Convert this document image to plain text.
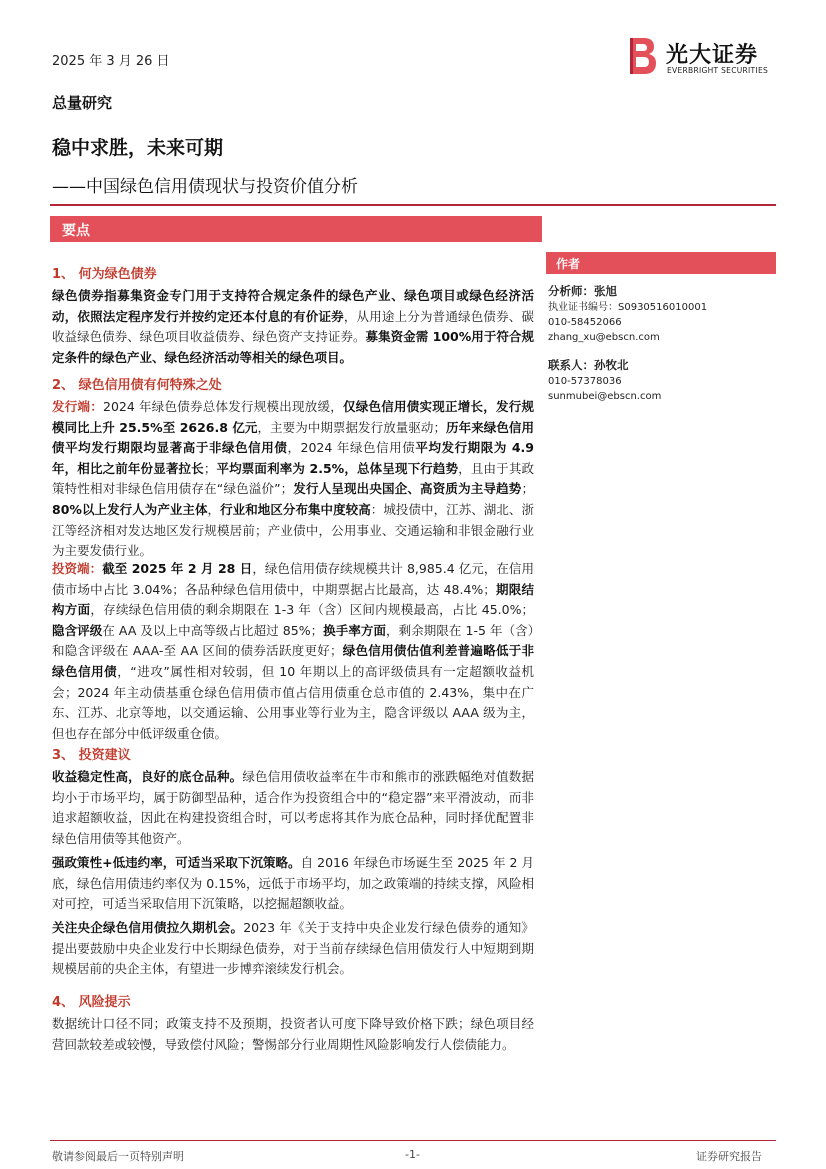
2025 年 3 月 26 日	光大证券
EVERBRIGHT SECURITIES
总量研究
稳中求胜，未来可期
——中国绿色信用债现状与投资价值分析
要点
1、 何为绿色债券
绿色债券指募集资金专门用于支持符合规定条件的绿色产业、绿色项目或绿色经济活动，依照法定程序发行并按约定还本付息的有价证券，从用途上分为普通绿色债券、碳收益绿色债券、绿色项目收益债券、绿色资产支持证券。募集资金需 100%用于符合规定条件的绿色产业、绿色经济活动等相关的绿色项目。
2、 绿色信用债有何特殊之处
发行端：2024 年绿色债券总体发行规模出现放缓，仅绿色信用债实现正增长，发行规模同比上升 25.5%至 2626.8 亿元，主要为中期票据发行放量驱动；历年来绿色信用债平均发行期限均显著高于非绿色信用债，2024 年绿色信用债平均发行期限为 4.9 年，相比之前年份显著拉长；平均票面利率为 2.5%，总体呈现下行趋势，且由于其政策特性相对非绿色信用债存在“绿色溢价”；发行人呈现出央国企、高资质为主导趋势；80%以上发行人为产业主体，行业和地区分布集中度较高：城投债中，江苏、湖北、浙江等经济相对发达地区发行规模居前；产业债中，公用事业、交通运输和非银金融行业为主要发债行业。
投资端：截至 2025 年 2 月 28 日，绿色信用债存续规模共计 8,985.4 亿元，在信用债市场中占比 3.04%；各品种绿色信用债中，中期票据占比最高，达 48.4%；期限结构方面，存续绿色信用债的剩余期限在 1-3 年（含）区间内规模最高，占比 45.0%；隐含评级在 AA 及以上中高等级占比超过 85%；换手率方面，剩余期限在 1-5 年（含）和隐含评级在 AAA-至 AA 区间的债券活跃度更好；绿色信用债估值利差普遍略低于非绿色信用债，“进攻”属性相对较弱，但 10 年期以上的高评级债具有一定超额收益机会；2024 年主动债基重仓绿色信用债市值占信用债重仓总市值的 2.43%，集中在广东、江苏、北京等地，以交通运输、公用事业等行业为主，隐含评级以 AAA 级为主，但也存在部分中低评级重仓债。
3、 投资建议
收益稳定性高，良好的底仓品种。绿色信用债收益率在牛市和熊市的涨跌幅绝对值数据均小于市场平均，属于防御型品种，适合作为投资组合中的“稳定器”来平滑波动，而非追求超额收益，因此在构建投资组合时，可以考虑将其作为底仓品种，同时择优配置非绿色信用债等其他资产。
强政策性+低违约率，可适当采取下沉策略。自 2016 年绿色市场诞生至 2025 年 2 月底，绿色信用债违约率仅为 0.15%，远低于市场平均，加之政策端的持续支撑，风险相对可控，可适当采取信用下沉策略，以挖掘超额收益。
关注央企绿色信用债拉久期机会。2023 年《关于支持中央企业发行绿色债券的通知》提出要鼓励中央企业发行中长期绿色债券，对于当前存续绿色信用债发行人中短期到期规模居前的央企主体，有望进一步博弈滚续发行机会。
4、 风险提示
数据统计口径不同；政策支持不及预期，投资者认可度下降导致价格下跌；绿色项目经营回款较差或较慢，导致偿付风险；警惕部分行业周期性风险影响发行人偿债能力。
作者
分析师：张旭
执业证书编号：S0930516010001
010-58452066
zhang_xu@ebscn.com
联系人：孙牧北
010-57378036
sunmubei@ebscn.com
敬请参阅最后一页特别声明	-1-	证券研究报告
